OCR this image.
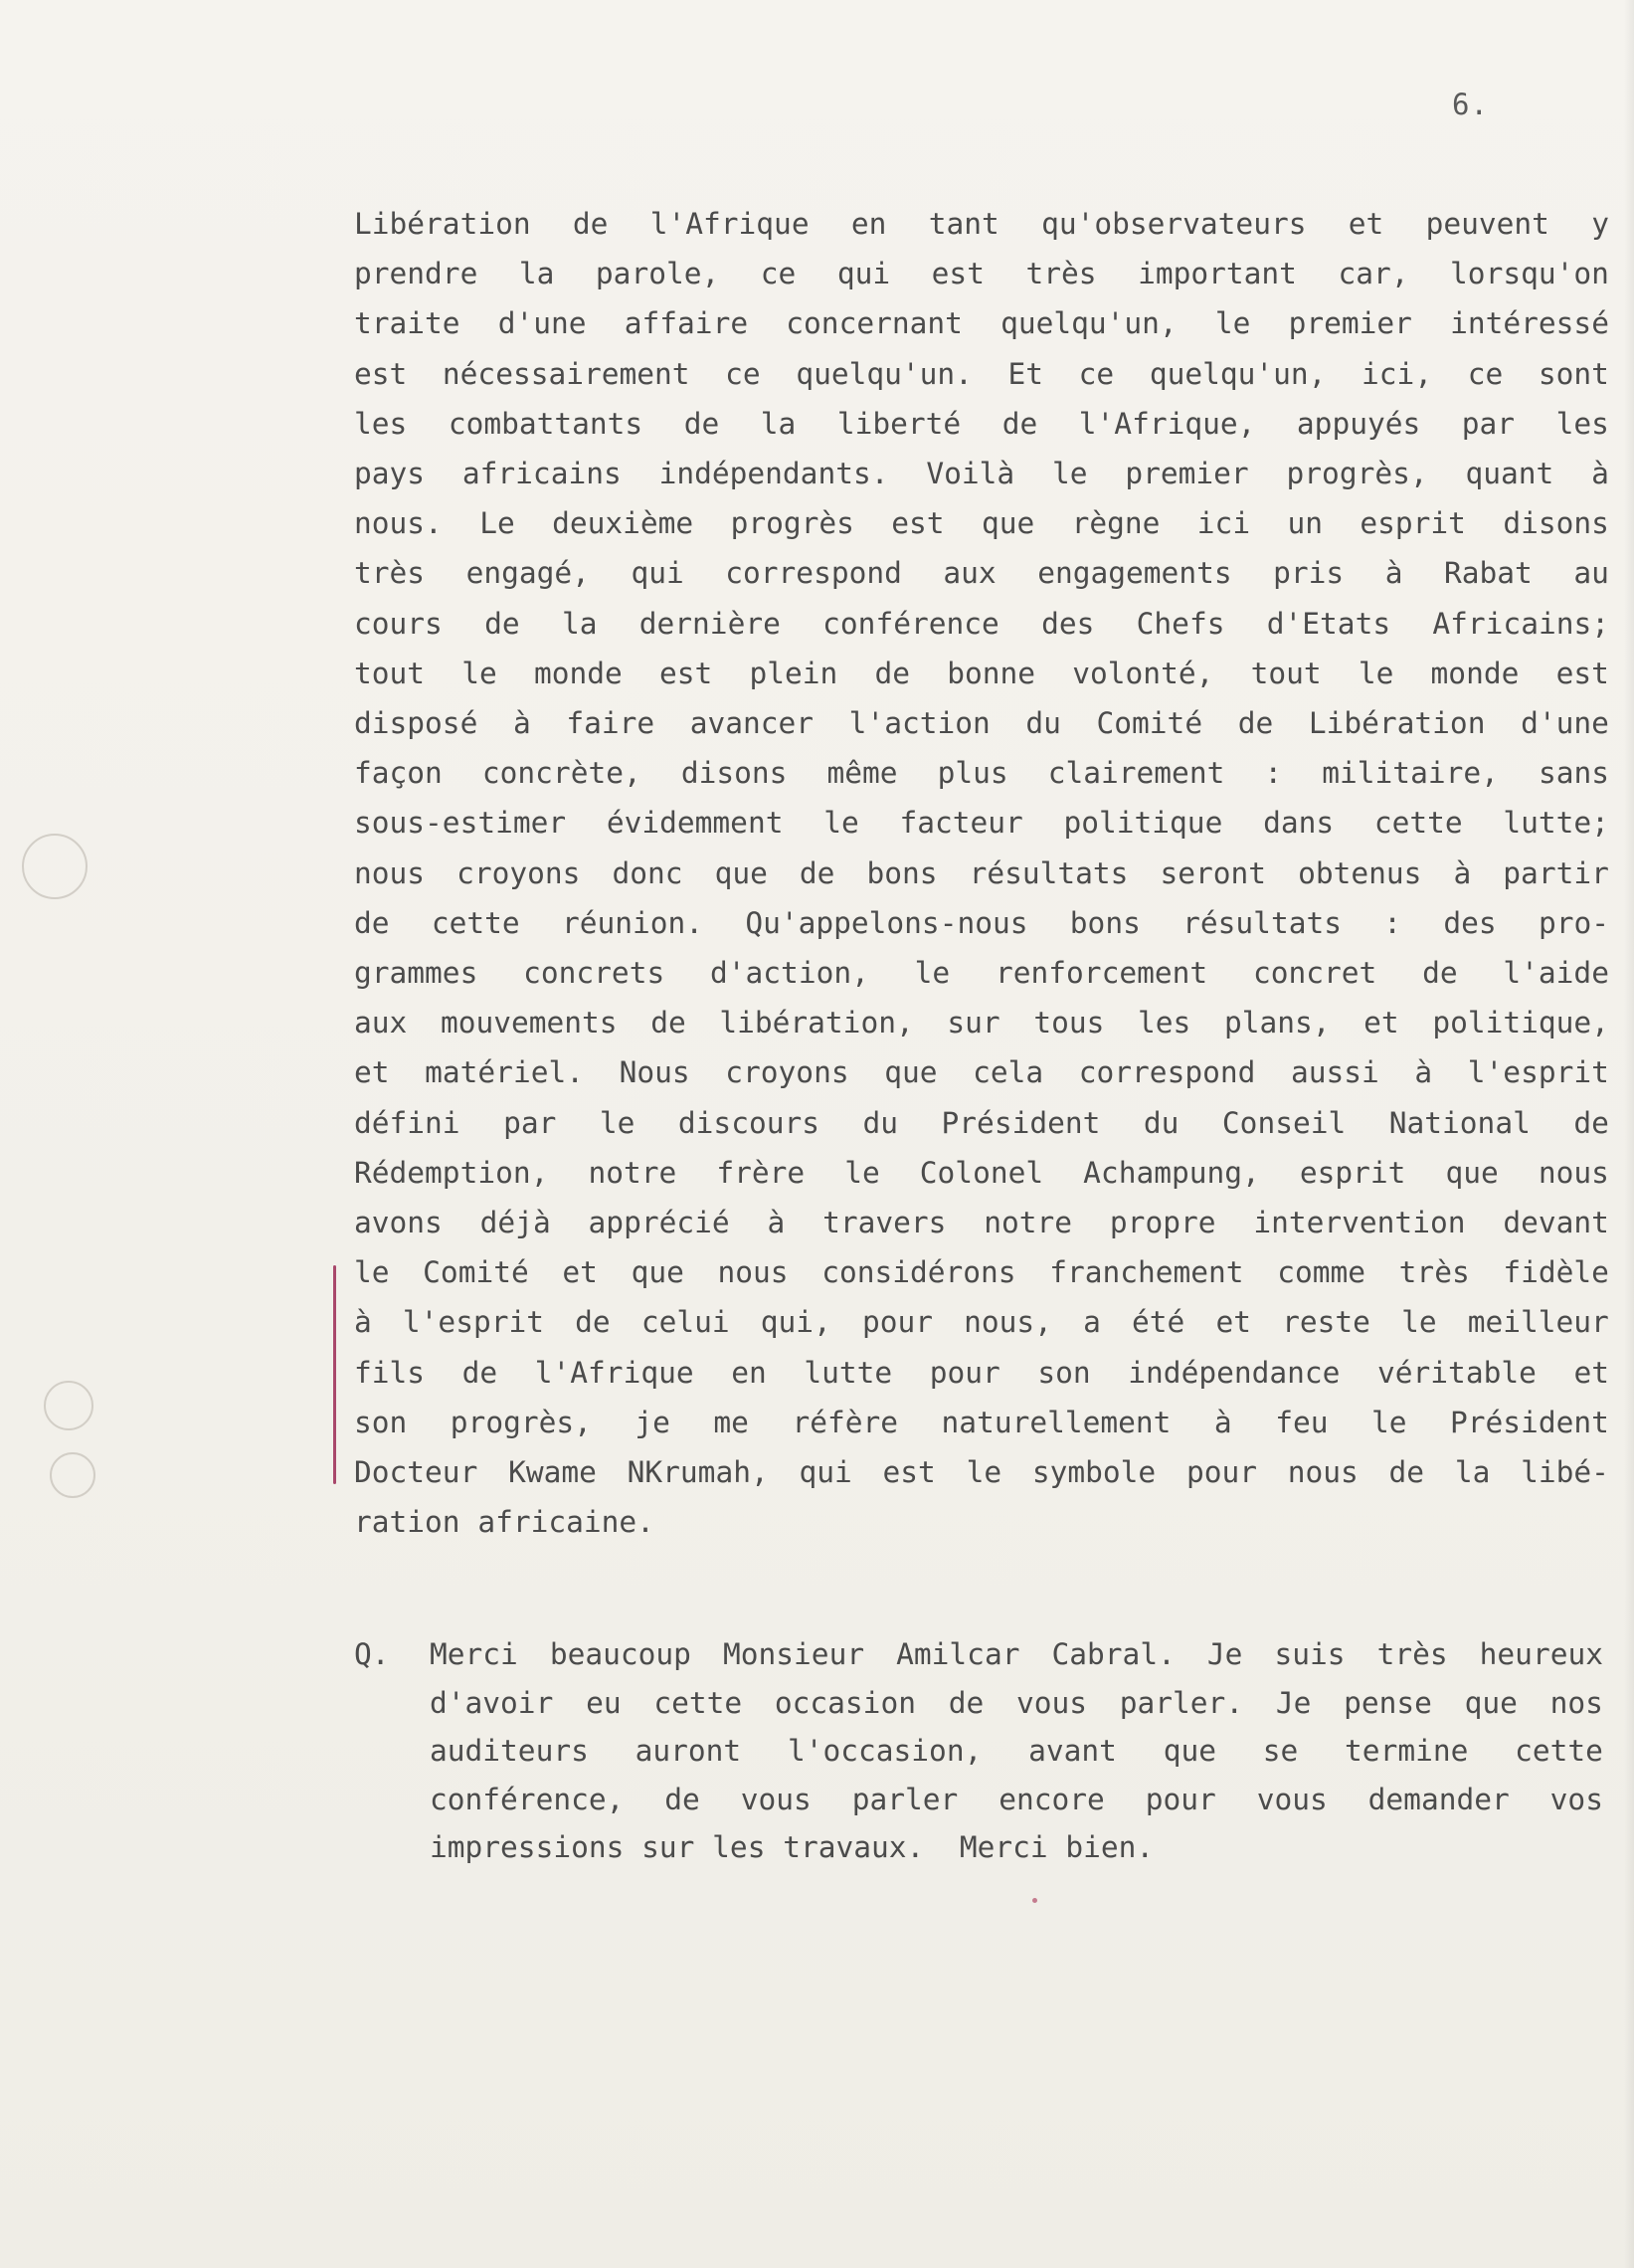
6.
Libération de l'Afrique en tant qu'observateurs et peuvent y
prendre la parole, ce qui est très important car, lorsqu'on
traite d'une affaire concernant quelqu'un, le premier intéressé
est nécessairement ce quelqu'un. Et ce quelqu'un, ici, ce sont
les combattants de la liberté de l'Afrique, appuyés par les
pays africains indépendants. Voilà le premier progrès, quant à
nous. Le deuxième progrès est que règne ici un esprit disons
très engagé, qui correspond aux engagements pris à Rabat au
cours de la dernière conférence des Chefs d'Etats Africains;
tout le monde est plein de bonne volonté, tout le monde est
disposé à faire avancer l'action du Comité de Libération d'une
façon concrète, disons même plus clairement : militaire, sans
sous-estimer évidemment le facteur politique dans cette lutte;
nous croyons donc que de bons résultats seront obtenus à partir
de cette réunion. Qu'appelons-nous bons résultats : des pro-
grammes concrets d'action, le renforcement concret de l'aide
aux mouvements de libération, sur tous les plans, et politique,
et matériel. Nous croyons que cela correspond aussi à l'esprit
défini par le discours du Président du Conseil National de
Rédemption, notre frère le Colonel Achampung, esprit que nous
avons déjà apprécié à travers notre propre intervention devant
le Comité et que nous considérons franchement comme très fidèle
à l'esprit de celui qui, pour nous, a été et reste le meilleur
fils de l'Afrique en lutte pour son indépendance véritable et
son progrès, je me réfère naturellement à feu le Président
Docteur Kwame NKrumah, qui est le symbole pour nous de la libé-
ration africaine.
Q. Merci beaucoup Monsieur Amilcar Cabral. Je suis très heureux
d'avoir eu cette occasion de vous parler. Je pense que nos
auditeurs auront l'occasion, avant que se termine cette
conférence, de vous parler encore pour vous demander vos
impressions sur les travaux.  Merci bien.
